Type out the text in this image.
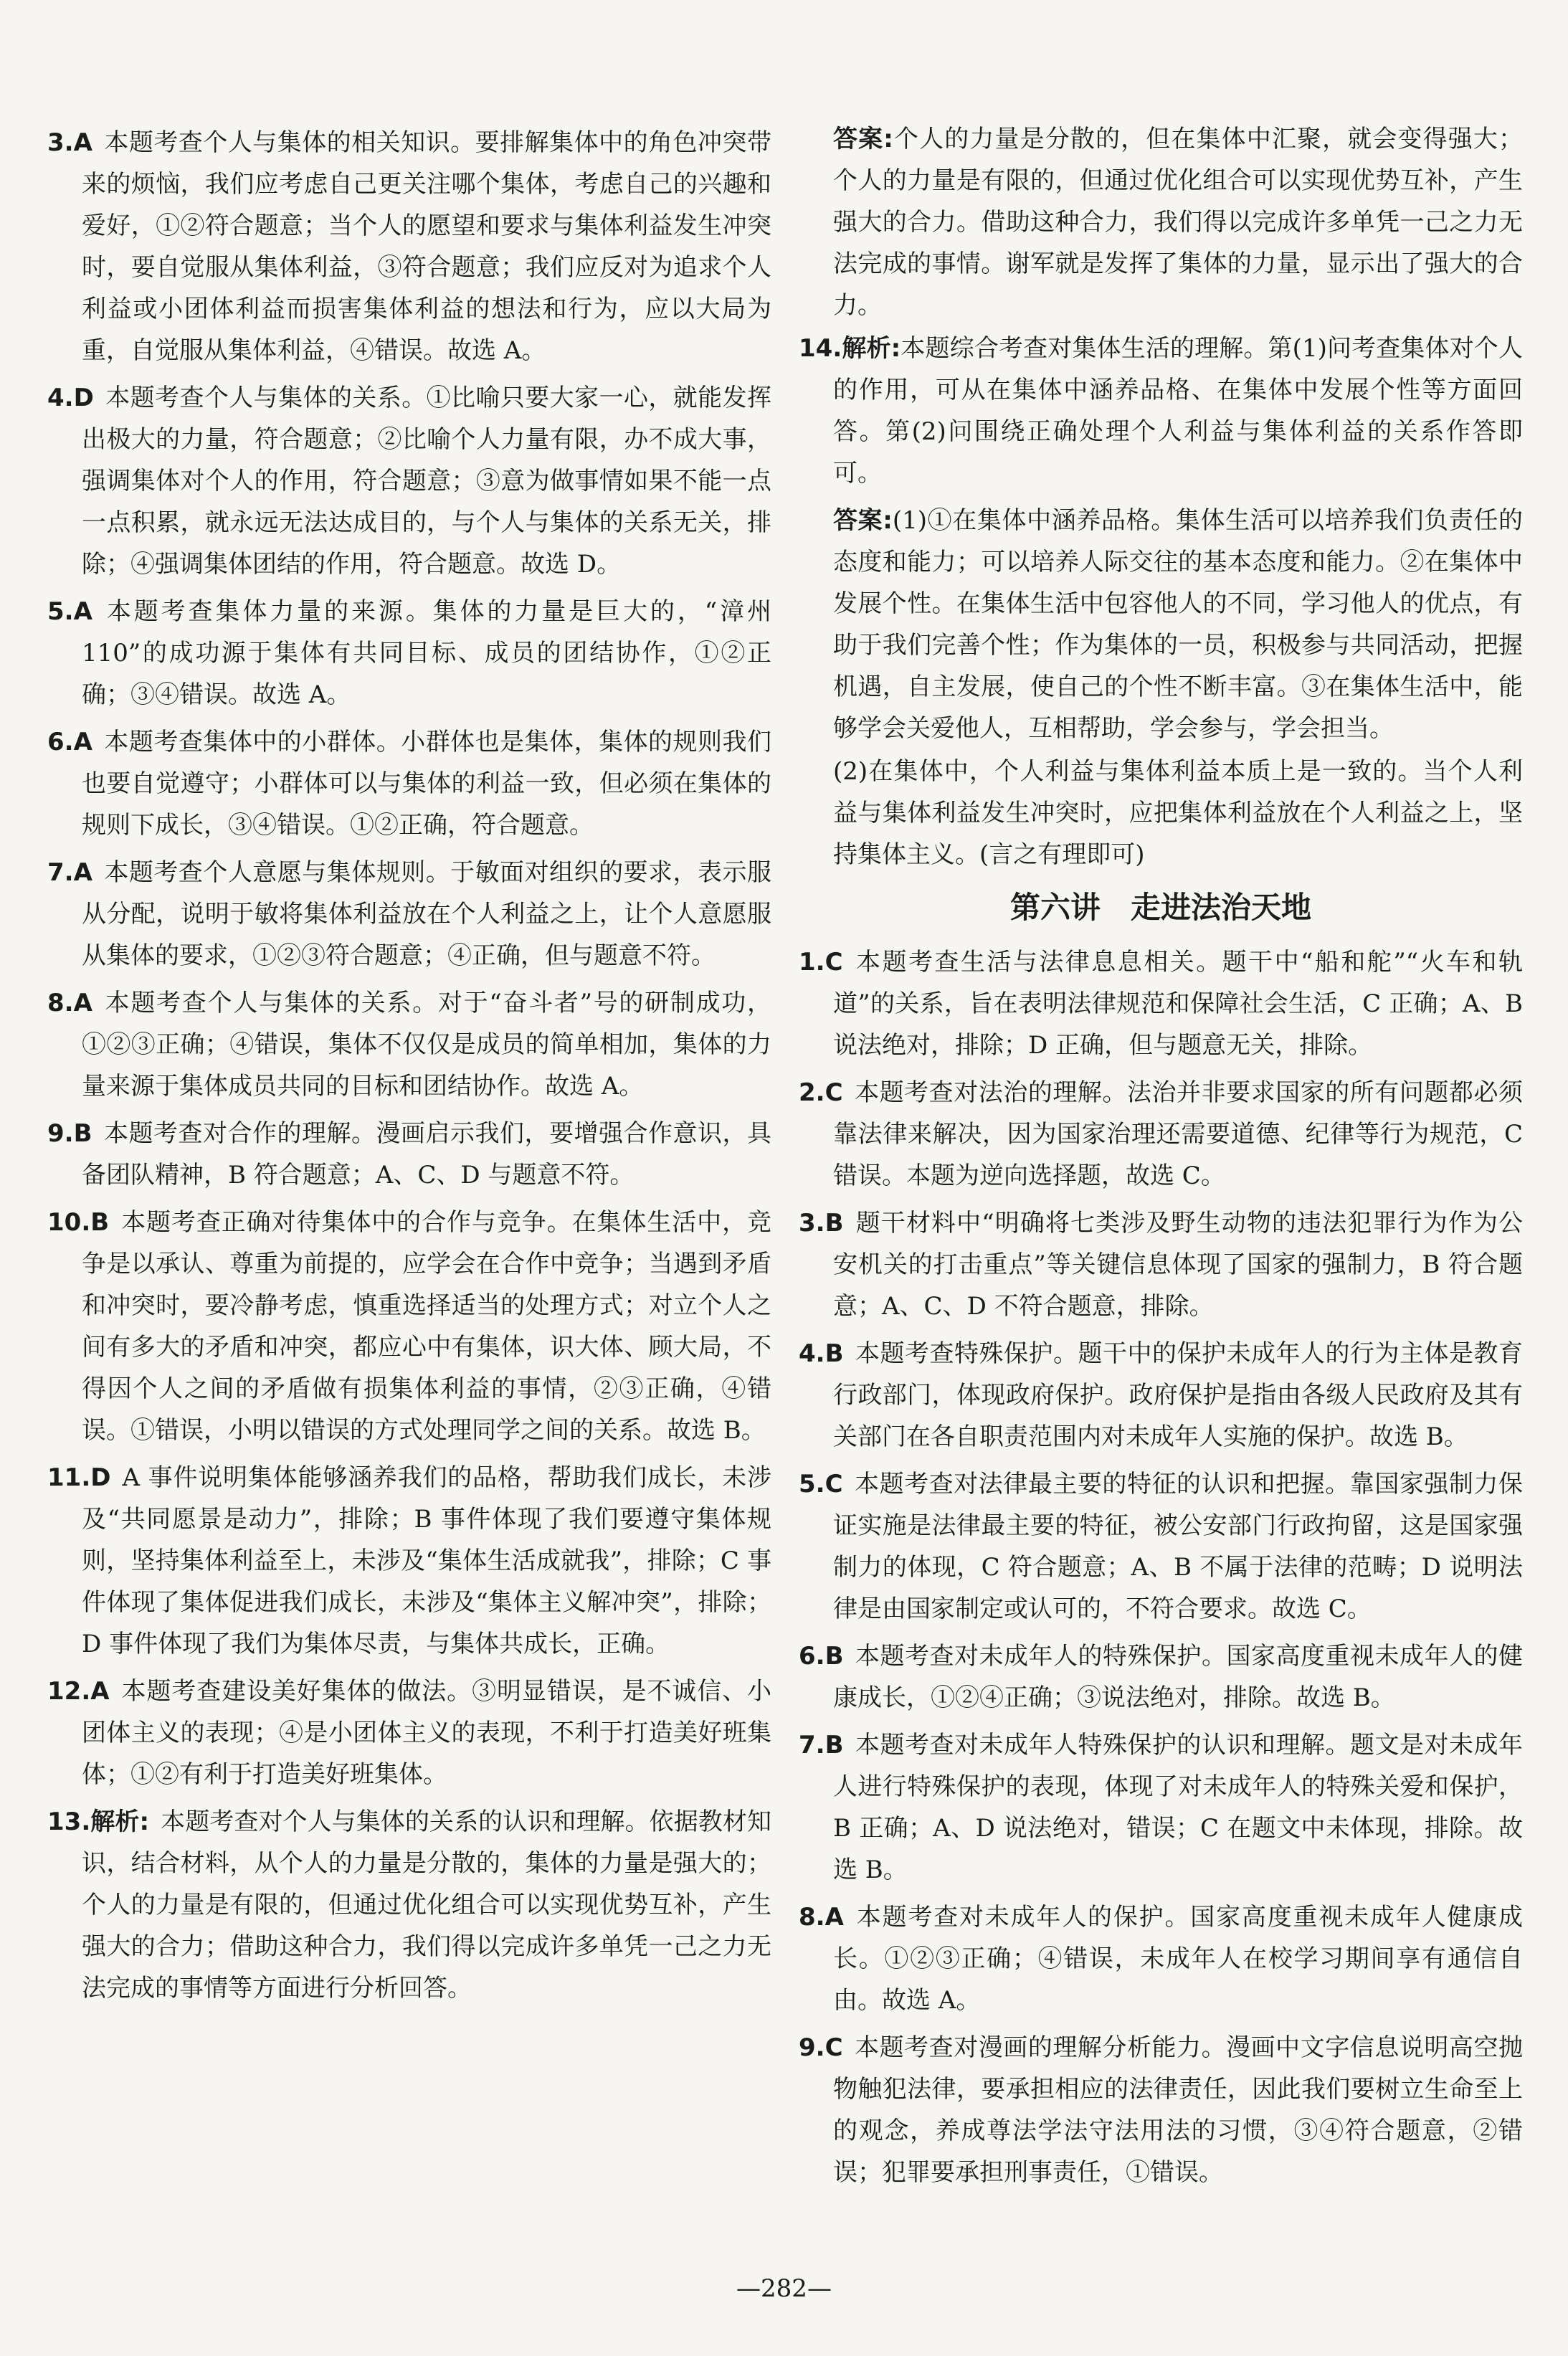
3.A 本题考查个人与集体的相关知识。要排解集体中的角色冲突带来的烦恼，我们应考虑自己更关注哪个集体，考虑自己的兴趣和爱好，①②符合题意；当个人的愿望和要求与集体利益发生冲突时，要自觉服从集体利益，③符合题意；我们应反对为追求个人利益或小团体利益而损害集体利益的想法和行为，应以大局为重，自觉服从集体利益，④错误。故选 A。

4.D 本题考查个人与集体的关系。①比喻只要大家一心，就能发挥出极大的力量，符合题意；②比喻个人力量有限，办不成大事，强调集体对个人的作用，符合题意；③意为做事情如果不能一点一点积累，就永远无法达成目的，与个人与集体的关系无关，排除；④强调集体团结的作用，符合题意。故选 D。

5.A 本题考查集体力量的来源。集体的力量是巨大的，“漳州 110”的成功源于集体有共同目标、成员的团结协作，①②正确；③④错误。故选 A。

6.A 本题考查集体中的小群体。小群体也是集体，集体的规则我们也要自觉遵守；小群体可以与集体的利益一致，但必须在集体的规则下成长，③④错误。①②正确，符合题意。

7.A 本题考查个人意愿与集体规则。于敏面对组织的要求，表示服从分配，说明于敏将集体利益放在个人利益之上，让个人意愿服从集体的要求，①②③符合题意；④正确，但与题意不符。

8.A 本题考查个人与集体的关系。对于“奋斗者”号的研制成功，①②③正确；④错误，集体不仅仅是成员的简单相加，集体的力量来源于集体成员共同的目标和团结协作。故选 A。

9.B 本题考查对合作的理解。漫画启示我们，要增强合作意识，具备团队精神，B 符合题意；A、C、D 与题意不符。

10.B 本题考查正确对待集体中的合作与竞争。在集体生活中，竞争是以承认、尊重为前提的，应学会在合作中竞争；当遇到矛盾和冲突时，要冷静考虑，慎重选择适当的处理方式；对立个人之间有多大的矛盾和冲突，都应心中有集体，识大体、顾大局，不得因个人之间的矛盾做有损集体利益的事情，②③正确，④错误。①错误，小明以错误的方式处理同学之间的关系。故选 B。

11.D A 事件说明集体能够涵养我们的品格，帮助我们成长，未涉及“共同愿景是动力”，排除；B 事件体现了我们要遵守集体规则，坚持集体利益至上，未涉及“集体生活成就我”，排除；C 事件体现了集体促进我们成长，未涉及“集体主义解冲突”，排除；D 事件体现了我们为集体尽责，与集体共成长，正确。

12.A 本题考查建设美好集体的做法。③明显错误，是不诚信、小团体主义的表现；④是小团体主义的表现，不利于打造美好班集体；①②有利于打造美好班集体。

13.解析: 本题考查对个人与集体的关系的认识和理解。依据教材知识，结合材料，从个人的力量是分散的，集体的力量是强大的；个人的力量是有限的，但通过优化组合可以实现优势互补，产生强大的合力；借助这种合力，我们得以完成许多单凭一己之力无法完成的事情等方面进行分析回答。

答案:个人的力量是分散的，但在集体中汇聚，就会变得强大；个人的力量是有限的，但通过优化组合可以实现优势互补，产生强大的合力。借助这种合力，我们得以完成许多单凭一己之力无法完成的事情。谢军就是发挥了集体的力量，显示出了强大的合力。

14.解析:本题综合考查对集体生活的理解。第(1)问考查集体对个人的作用，可从在集体中涵养品格、在集体中发展个性等方面回答。第(2)问围绕正确处理个人利益与集体利益的关系作答即可。

答案:(1)①在集体中涵养品格。集体生活可以培养我们负责任的态度和能力；可以培养人际交往的基本态度和能力。②在集体中发展个性。在集体生活中包容他人的不同，学习他人的优点，有助于我们完善个性；作为集体的一员，积极参与共同活动，把握机遇，自主发展，使自己的个性不断丰富。③在集体生活中，能够学会关爱他人，互相帮助，学会参与，学会担当。

(2)在集体中，个人利益与集体利益本质上是一致的。当个人利益与集体利益发生冲突时，应把集体利益放在个人利益之上，坚持集体主义。(言之有理即可)

第六讲　走进法治天地

1.C 本题考查生活与法律息息相关。题干中“船和舵”“火车和轨道”的关系，旨在表明法律规范和保障社会生活，C 正确；A、B 说法绝对，排除；D 正确，但与题意无关，排除。

2.C 本题考查对法治的理解。法治并非要求国家的所有问题都必须靠法律来解决，因为国家治理还需要道德、纪律等行为规范，C 错误。本题为逆向选择题，故选 C。

3.B 题干材料中“明确将七类涉及野生动物的违法犯罪行为作为公安机关的打击重点”等关键信息体现了国家的强制力，B 符合题意；A、C、D 不符合题意，排除。

4.B 本题考查特殊保护。题干中的保护未成年人的行为主体是教育行政部门，体现政府保护。政府保护是指由各级人民政府及其有关部门在各自职责范围内对未成年人实施的保护。故选 B。

5.C 本题考查对法律最主要的特征的认识和把握。靠国家强制力保证实施是法律最主要的特征，被公安部门行政拘留，这是国家强制力的体现，C 符合题意；A、B 不属于法律的范畴；D 说明法律是由国家制定或认可的，不符合要求。故选 C。

6.B 本题考查对未成年人的特殊保护。国家高度重视未成年人的健康成长，①②④正确；③说法绝对，排除。故选 B。

7.B 本题考查对未成年人特殊保护的认识和理解。题文是对未成年人进行特殊保护的表现，体现了对未成年人的特殊关爱和保护，B 正确；A、D 说法绝对，错误；C 在题文中未体现，排除。故选 B。

8.A 本题考查对未成年人的保护。国家高度重视未成年人健康成长。①②③正确；④错误，未成年人在校学习期间享有通信自由。故选 A。

9.C 本题考查对漫画的理解分析能力。漫画中文字信息说明高空抛物触犯法律，要承担相应的法律责任，因此我们要树立生命至上的观念，养成尊法学法守法用法的习惯，③④符合题意，②错误；犯罪要承担刑事责任，①错误。

—282—
